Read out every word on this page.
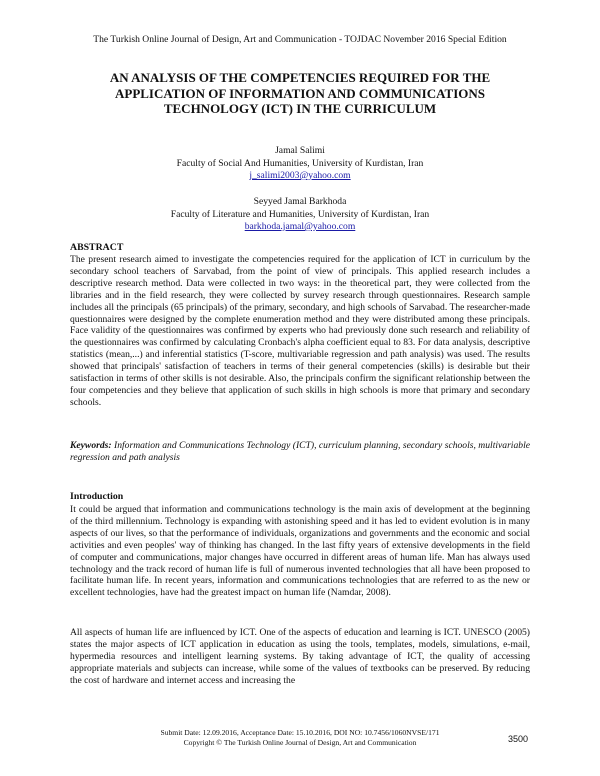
The Turkish Online Journal of Design, Art and Communication - TOJDAC November 2016 Special Edition
AN ANALYSIS OF THE COMPETENCIES REQUIRED FOR THE APPLICATION OF INFORMATION AND COMMUNICATIONS TECHNOLOGY (ICT) IN THE CURRICULUM
Jamal Salimi
Faculty of Social And Humanities, University of Kurdistan, Iran
j_salimi2003@yahoo.com
Seyyed Jamal Barkhoda
Faculty of Literature and Humanities, University of Kurdistan, Iran
barkhoda.jamal@yahoo.com
ABSTRACT
The present research aimed to investigate the competencies required for the application of ICT in curriculum by the secondary school teachers of Sarvabad, from the point of view of principals. This applied research includes a descriptive research method. Data were collected in two ways: in the theoretical part, they were collected from the libraries and in the field research, they were collected by survey research through questionnaires. Research sample includes all the principals (65 principals) of the primary, secondary, and high schools of Sarvabad. The researcher-made questionnaires were designed by the complete enumeration method and they were distributed among these principals. Face validity of the questionnaires was confirmed by experts who had previously done such research and reliability of the questionnaires was confirmed by calculating Cronbach's alpha coefficient equal to 83. For data analysis, descriptive statistics (mean,...) and inferential statistics (T-score, multivariable regression and path analysis) was used. The results showed that principals' satisfaction of teachers in terms of their general competencies (skills) is desirable but their satisfaction in terms of other skills is not desirable. Also, the principals confirm the significant relationship between the four competencies and they believe that application of such skills in high schools is more that primary and secondary schools.
Keywords: Information and Communications Technology (ICT), curriculum planning, secondary schools, multivariable regression and path analysis
Introduction
It could be argued that information and communications technology is the main axis of development at the beginning of the third millennium. Technology is expanding with astonishing speed and it has led to evident evolution is in many aspects of our lives, so that the performance of individuals, organizations and governments and the economic and social activities and even peoples' way of thinking has changed. In the last fifty years of extensive developments in the field of computer and communications, major changes have occurred in different areas of human life. Man has always used technology and the track record of human life is full of numerous invented technologies that all have been proposed to facilitate human life. In recent years, information and communications technologies that are referred to as the new or excellent technologies, have had the greatest impact on human life (Namdar, 2008).
All aspects of human life are influenced by ICT. One of the aspects of education and learning is ICT. UNESCO (2005) states the major aspects of ICT application in education as using the tools, templates, models, simulations, e-mail, hypermedia resources and intelligent learning systems. By taking advantage of ICT, the quality of accessing appropriate materials and subjects can increase, while some of the values of textbooks can be preserved. By reducing the cost of hardware and internet access and increasing the
Submit Date: 12.09.2016, Acceptance Date: 15.10.2016, DOI NO: 10.7456/1060NVSE/171
Copyright © The Turkish Online Journal of Design, Art and Communication	3500
